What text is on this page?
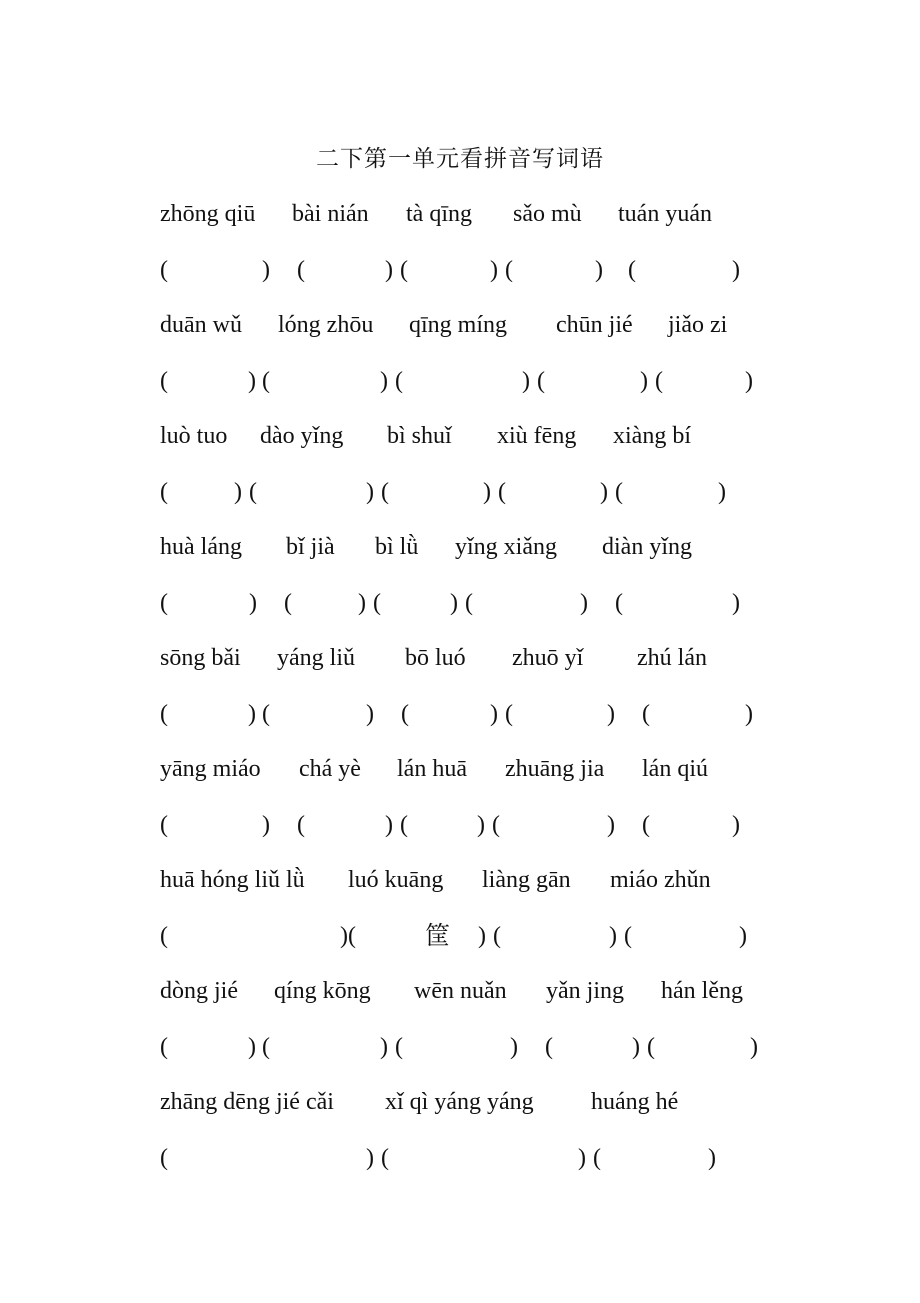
二下第一单元看拼音写词语
zhōng qiū bài nián tà qīng sǎo mù tuán yuán
(	) (	) (	) (	) (	)
duān wǔ lóng zhōu qīng míng chūn jié jiǎo zi
(	) (	) (	) (	) (	)
luò tuo dào yǐng bì shuǐ xiù fēng xiàng bí
(	) (	) (	) (	) (	)
huà láng bǐ jià bì lǜ yǐng xiǎng diàn yǐng
(	) (	) (	) (	) (	)
sōng bǎi yáng liǔ bō luó zhuō yǐ zhú lán
(	) (	) (	) (	) (	)
yāng miáo chá yè lán huā zhuāng jia lán qiú
(	) (	) (	) (	) (	)
huā hóng liǔ lǜ luó kuāng liàng gān miáo zhǔn
(	)(	筐 ) (	) (	)
dòng jié qíng kōng wēn nuǎn yǎn jing hán lěng
(	) (	) (	) (	) (	)
zhāng dēng jié cǎi xǐ qì yáng yáng huáng hé
(	) (	) (	)
